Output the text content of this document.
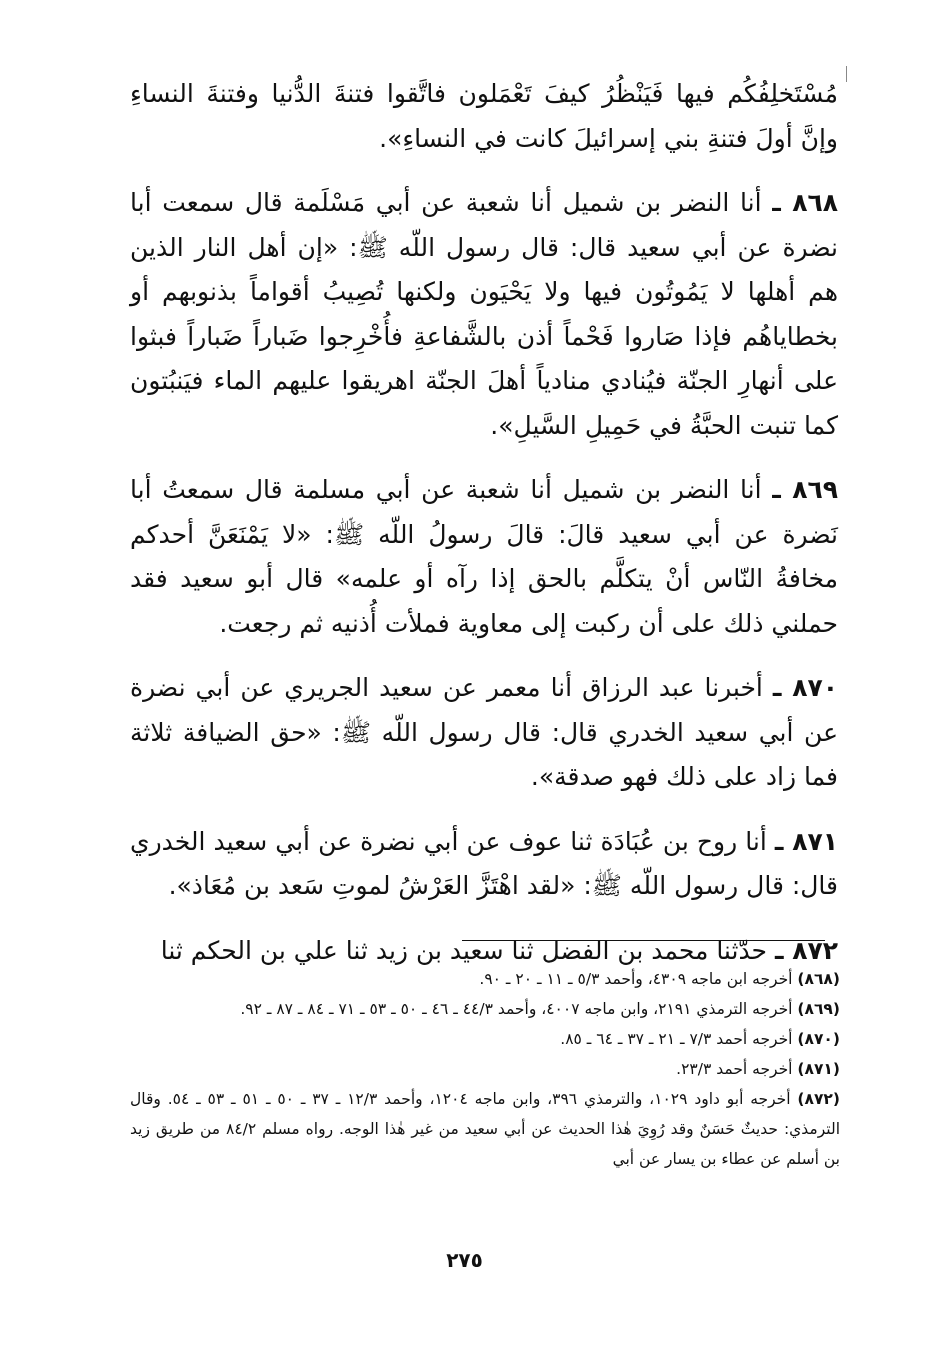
مُسْتَخلِفُكُم فيها فَيَنْظُرُ كيفَ تَعْمَلون فاتَّقوا فتنةَ الدُّنيا وفتنةَ النساءِ وإنَّ أولَ فتنةِ بني إسرائيلَ كانت في النساءِ».

٨٦٨ ـ أنا النضر بن شميل أنا شعبة عن أبي مَسْلَمة قال سمعت أبا نضرة عن أبي سعيد قال: قال رسول اللّه ﷺ: «إن أهل النار الذين هم أهلها لا يَمُوتُون فيها ولا يَحْيَون ولكنها تُصِيبُ أقواماً بذنوبهم أو بخطاياهُم فإذا صَاروا فَحْماً أذن بالشَّفاعةِ فأُخْرِجوا ضَباراً ضَباراً فبثوا على أنهارِ الجنّة فيُنادي منادياً أهلَ الجنّة اهريقوا عليهم الماء فيَنبُتون كما تنبت الحبَّةُ في حَمِيلِ السَّيلِ».

٨٦٩ ـ أنا النضر بن شميل أنا شعبة عن أبي مسلمة قال سمعتُ أبا نَضرة عن أبي سعيد قالَ: قالَ رسولُ اللّه ﷺ: «لا يَمْنَعَنَّ أحدكم مخافةُ النّاس أنْ يتكلَّم بالحق إذا رآه أو علمه» قال أبو سعيد فقد حملني ذلك على أن ركبت إلى معاوية فملأت أُذنيه ثم رجعت.

٨٧٠ ـ أخبرنا عبد الرزاق أنا معمر عن سعيد الجريري عن أبي نضرة عن أبي سعيد الخدري قال: قال رسول اللّه ﷺ: «حق الضيافة ثلاثة فما زاد على ذلك فهو صدقة».

٨٧١ ـ أنا روح بن عُبَادَة ثنا عوف عن أبي نضرة عن أبي سعيد الخدري قال: قال رسول اللّه ﷺ: «لقد اهْتَزَّ العَرْشُ لموتِ سَعد بن مُعَاذ».

٨٧٢ ـ حدّثنا محمد بن الفضل ثنا سعيد بن زيد ثنا علي بن الحكم ثنا

(٨٦٨) أخرجه ابن ماجه ٤٣٠٩، وأحمد ٥/٣ ـ ١١ ـ ٢٠ ـ ٩٠.

(٨٦٩) أخرجه الترمذي ٢١٩١، وابن ماجه ٤٠٠٧، وأحمد ٤٤/٣ ـ ٤٦ ـ ٥٠ ـ ٥٣ ـ ٧١ ـ ٨٤ ـ ٨٧ ـ ٩٢.

(٨٧٠) أخرجه أحمد ٧/٣ ـ ٢١ ـ ٣٧ ـ ٦٤ ـ ٨٥.

(٨٧١) أخرجه أحمد ٢٣/٣.

(٨٧٢) أخرجه أبو داود ١٠٢٩، والترمذي ٣٩٦، وابن ماجه ١٢٠٤، وأحمد ١٢/٣ ـ ٣٧ ـ ٥٠ ـ ٥١ ـ ٥٣ ـ ٥٤. وقال الترمذي: حديثٌ حَسَنٌ وقد رُوِيَ هٰذا الحديث عن أبي سعيد من غير هٰذا الوجه. رواه مسلم ٨٤/٢ من طريق زيد بن أسلم عن عطاء بن يسار عن أبي

٢٧٥
